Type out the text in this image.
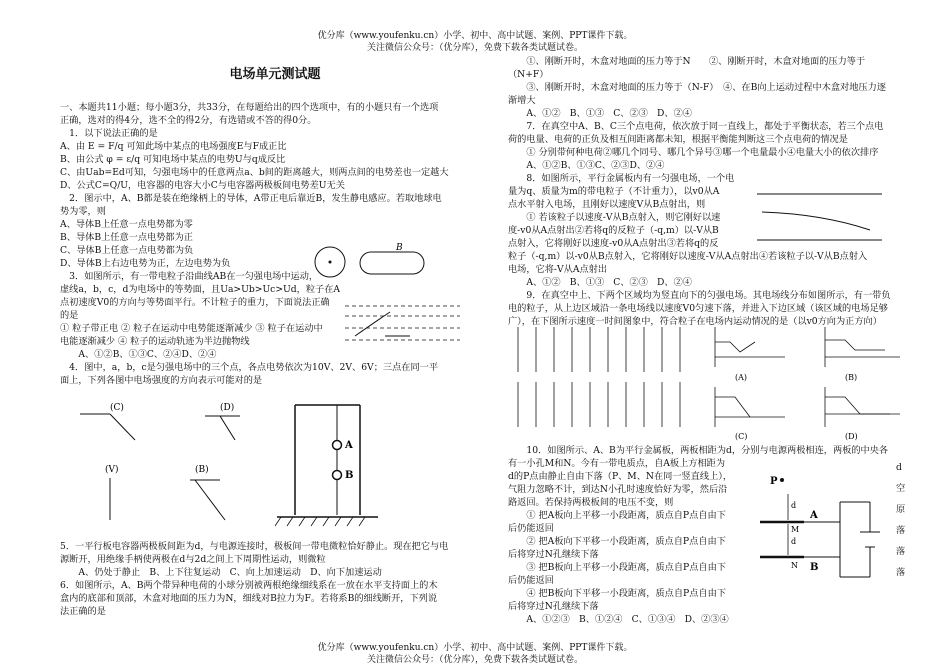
优分库（www.youfenku.cn）小学、初中、高中试题、案例、PPT课件下载。
关注微信公众号：（优分库），免费下载各类试题试卷。

电场单元测试题

一、本题共11小题；每小题3分，共33分，在每题给出的四个选项中，有的小题只有一个选项

正确，选对的得4分，选不全的得2分，有选错或不答的得0分。

　1．以下说法正确的是

A、由 E = F/q 可知此场中某点的电场强度E与F成正比

B、由公式 φ = ε/q 可知电场中某点的电势U与q成反比

C、由Uab=Ed可知，匀强电场中的任意两点a、b间的距离越大，则两点间的电势差也一定越大

D、公式C=Q/U，电容器的电容大小C与电容器两极板间电势差U无关

　2．图示中，A、B都是装在绝缘柄上的导体，A带正电后靠近B，发生静电感应。若取地球电

势为零，则

A、导体B上任意一点电势都为零

B、导体B上任意一点电势都为正

C、导体B上任意一点电势都为负

D、导体B上右边电势为正，左边电势为负

　3．如图所示，有一带电粒子沿曲线AB在一匀强电场中运动，

虚线a，b，c，d为电场中的等势面，且Ua>Ub>Uc>Ud，粒子在A

点初速度V0的方向与等势面平行。不计粒子的重力，下面说法正确

的是

① 粒子带正电 ② 粒子在运动中电势能逐渐减少 ③ 粒子在运动中

电能逐渐减少 ④ 粒子的运动轨迹为半边抛物线

　　A、①②B、①③C、②④D、②④

　4．图中，a，b，c是匀强电场中的三个点，各点电势依次为10V、2V、6V；三点在同一平

面上，下列各图中电场强度的方向表示可能对的是

B
(C)	(D)
(V)	(B)
A
B

5．一平行板电容器两极板间距为d，与电源连接时，极板间一带电微粒恰好静止。现在把它与电

源断开，用绝缘手柄使两极在d与2d之间上下周期性运动，则微粒

　　A、仍处于静止　B、上下往复运动　C、向上加速运动　D、向下加速运动

6．如图所示，A、B两个带异种电荷的小球分别被两根绝缘细线系在一放在水平支持面上的木

盒内的底部和顶部，木盒对地面的压力为N，细线对B拉力为F。若将系B的细线断开，下列说

法正确的是

　　①、刚断开时，木盒对地面的压力等于N　　②、刚断开时，木盒对地面的压力等于

（N+F）

　　③、刚断开时，木盒对地面的压力等于（N-F）　④、在B向上运动过程中木盒对地压力逐

渐增大

　　A、①②　B、①③　C、②③　D、②④

　　7．在真空中A、B、C三个点电荷，依次放于同一直线上，都处于平衡状态，若三个点电

荷的电量、电荷的正负及相互间距离都未知，根据平衡能判断这三个点电荷的情况是

　　① 分别带何种电荷②哪几个同号、哪几个异号③哪一个电量最小④电量大小的依次排序

　　A、①②B、①③C、②③D、②④

　　8．如图所示，平行金属板内有一匀强电场，一个电

量为q、质量为m的带电粒子（不计重力），以v0从A

点水平射入电场，且刚好以速度V从B点射出，则

　　① 若该粒子以速度-V从B点射入，则它刚好以速

度-v0从A点射出②若将q的反粒子（-q,m）以-V从B

点射入，它将刚好以速度-v0从A点射出③若将q的反

粒子（-q,m）以-v0从B点射入，它将刚好以速度-V从A点射出④若该粒子以-V从B点射入

电场，它将-V从A点射出

　　A、①②　B、①③　C、②③　D、②④

　　9．在真空中上、下两个区域均为竖直向下的匀强电场。其电场线分布如图所示，有一带负

电的粒子，从上边区域沿一条电场线以速度V0匀速下落，并进入下边区域（该区域的电场足够

广），在下图所示速度一时间图象中，符合粒子在电场内运动情况的是（以v0方向为正方向）

(A)	(B)
(C)	(D)

　　10．如图所示、A、B为平行金属板，两板相距为d，分别与电源两极相连，两板的中央各

有一小孔M和N。今有一带电质点，自A板上方相距为

d的P点由静止自由下落（P、M、N在同一竖直线上），

气阻力忽略不计，到达N小孔时速度恰好为零，然后沿

路返回。若保持两极板间的电压不变，则

　　① 把A板向上平移一小段距离，质点自P点自由下

后仍能返回

　　② 把A板向下平移一小段距离，质点自P点自由下

后将穿过N孔继续下落

　　③ 把B板向上平移一小段距离，质点自P点自由下

后仍能返回

　　④ 把B板向下平移一小段距离，质点自P点自由下

后将穿过N孔继续下落

　　A、①②③　B、①②④　C、①③④　D、②③④

d

空

原

落

落

落

P
d
A
M
d
N B
优分库（www.youfenku.cn）小学、初中、高中试题、案例、PPT课件下载。
关注微信公众号：（优分库），免费下载各类试题试卷。
